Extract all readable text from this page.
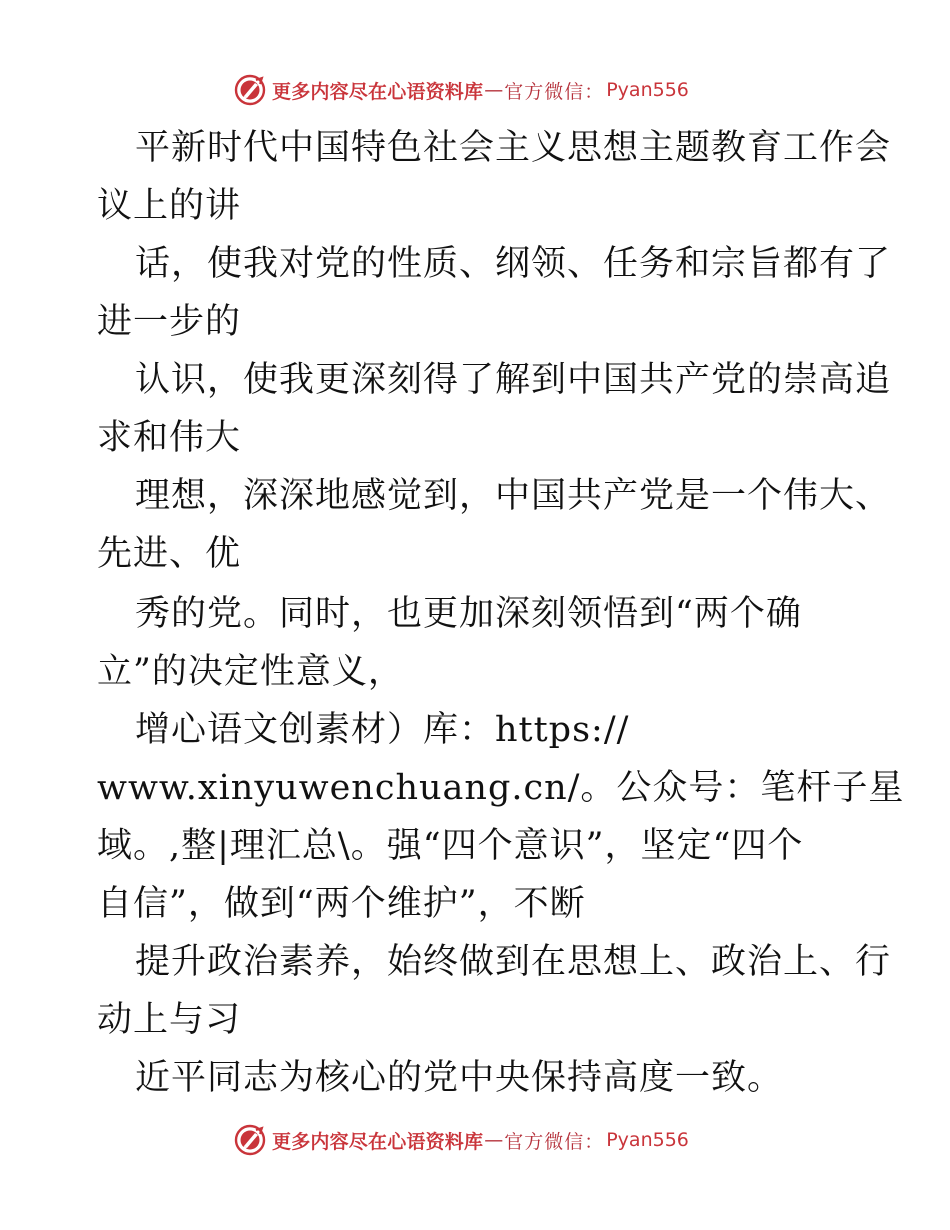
更多内容尽在心语资料库 — 官方微信： Pyan556
平新时代中国特色社会主义思想主题教育工作会
议上的讲
话，使我对党的性质、纲领、任务和宗旨都有了
进一步的
认识，使我更深刻得了解到中国共产党的崇高追
求和伟大
理想，深深地感觉到，中国共产党是一个伟大、
先进、优
秀的党。同时，也更加深刻领悟到“两个确
立”的决定性意义，
增心语文创素材）库：https://
www.xinyuwenchuang.cn/。公众号：笔杆子星
域。,整|理汇总\。强“四个意识”，坚定“四个
自信”，做到“两个维护”，不断
提升政治素养，始终做到在思想上、政治上、行
动上与习
近平同志为核心的党中央保持高度一致。
更多内容尽在心语资料库 — 官方微信： Pyan556
